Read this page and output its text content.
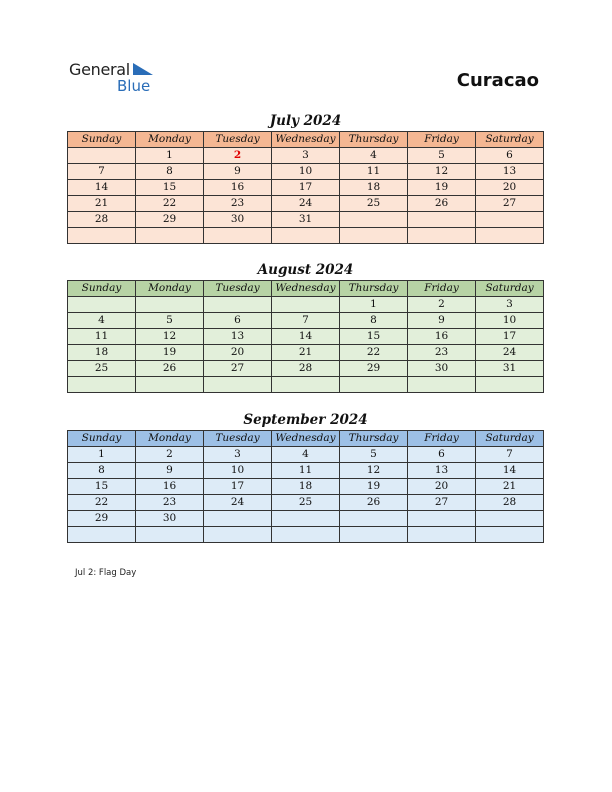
General
Blue	Curacao
July 2024
Sunday	Monday	Tuesday	Wednesday	Thursday	Friday	Saturday
	1	2	3	4	5	6
7	8	9	10	11	12	13
14	15	16	17	18	19	20
21	22	23	24	25	26	27
28	29	30	31			

August 2024
Sunday	Monday	Tuesday	Wednesday	Thursday	Friday	Saturday
				1	2	3
4	5	6	7	8	9	10
11	12	13	14	15	16	17
18	19	20	21	22	23	24
25	26	27	28	29	30	31

September 2024
Sunday	Monday	Tuesday	Wednesday	Thursday	Friday	Saturday
1	2	3	4	5	6	7
8	9	10	11	12	13	14
15	16	17	18	19	20	21
22	23	24	25	26	27	28
29	30					

Jul 2: Flag Day
